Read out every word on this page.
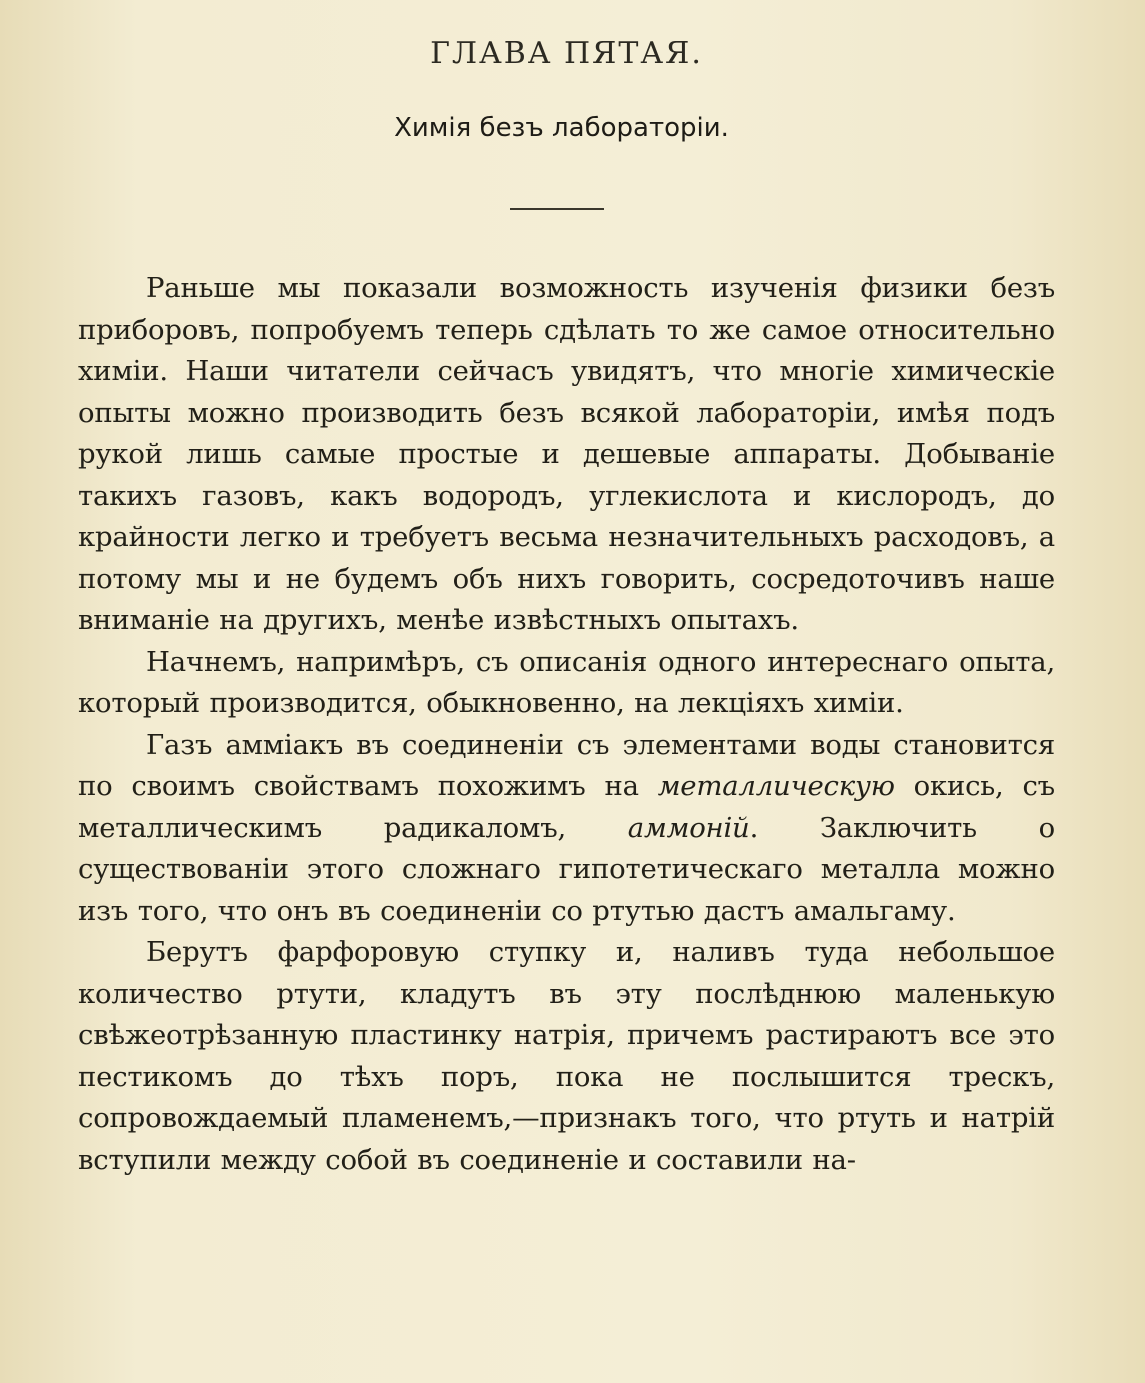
ГЛАВА ПЯТАЯ.
Химія безъ лабораторіи.

Раньше мы показали возможность изученія физики безъ приборовъ, попробуемъ теперь сдѣлать то же самое относительно химіи. Наши читатели сейчасъ увидятъ, что многіе химическіе опыты можно производить безъ всякой лабораторіи, имѣя подъ рукой лишь самые простые и дешевые аппараты. Добываніе такихъ газовъ, какъ водородъ, углекислота и кислородъ, до крайности легко и требуетъ весьма незначительныхъ расходовъ, а потому мы и не будемъ объ нихъ говорить, сосредоточивъ наше вниманіе на другихъ, менѣе извѣстныхъ опытахъ.

Начнемъ, напримѣръ, съ описанія одного интереснаго опыта, который производится, обыкновенно, на лекціяхъ химіи.

Газъ аммiакъ въ соединеніи съ элементами воды становится по своимъ свойствамъ похожимъ на металлическую окись, съ металлическимъ радикаломъ, аммоній. Заключить о существованіи этого сложнаго гипотетическаго металла можно изъ того, что онъ въ соединеніи со ртутью дастъ амальгаму.

Берутъ фарфоровую ступку и, наливъ туда небольшое количество ртути, кладутъ въ эту послѣднюю маленькую свѣжеотрѣзанную пластинку натрія, причемъ растираютъ все это пестикомъ до тѣхъ поръ, пока не послышится трескъ, сопровождаемый пламенемъ,—признакъ того, что ртуть и натрій вступили между собой въ соединеніе и составили на-
